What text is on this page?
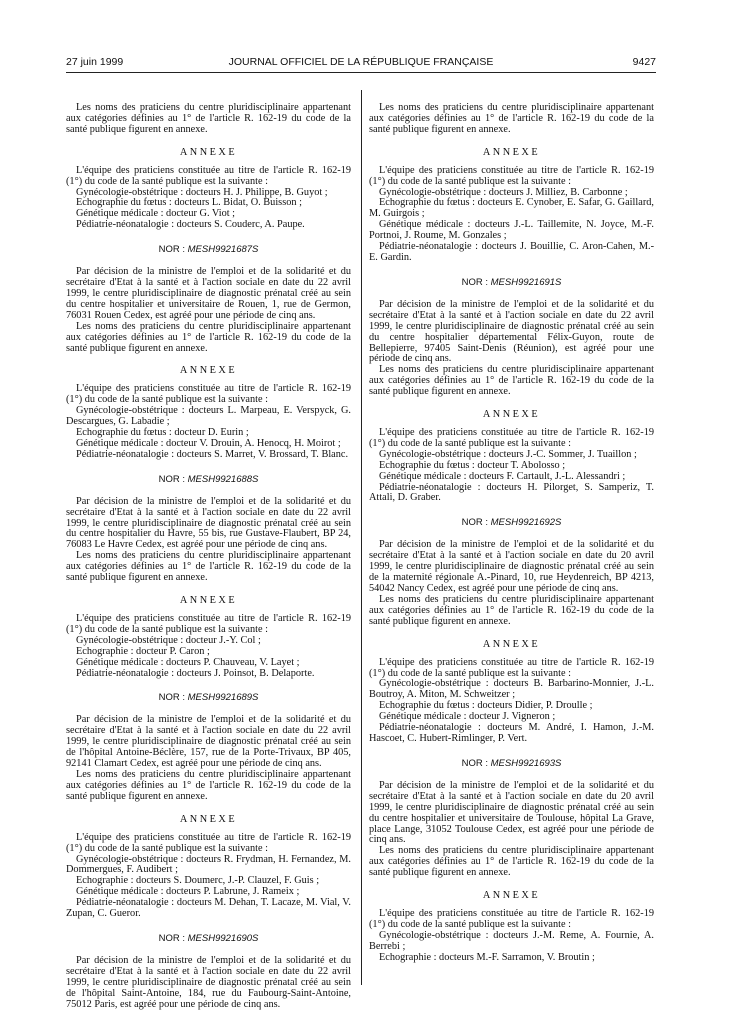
27 juin 1999	JOURNAL OFFICIEL DE LA RÉPUBLIQUE FRANÇAISE	9427

Les noms des praticiens du centre pluridisciplinaire appartenant aux catégories définies au 1° de l'article R. 162-19 du code de la santé publique figurent en annexe.

ANNEXE

L'équipe des praticiens constituée au titre de l'article R. 162-19 (1°) du code de la santé publique est la suivante :

Gynécologie-obstétrique : docteurs H. J. Philippe, B. Guyot ;

Echographie du fœtus : docteurs L. Bidat, O. Buisson ;

Génétique médicale : docteur G. Viot ;

Pédiatrie-néonatalogie : docteurs S. Couderc, A. Paupe.

NOR : MESH9921687S

Par décision de la ministre de l'emploi et de la solidarité et du secrétaire d'Etat à la santé et à l'action sociale en date du 22 avril 1999, le centre pluridisciplinaire de diagnostic prénatal créé au sein du centre hospitalier et universitaire de Rouen, 1, rue de Germon, 76031 Rouen Cedex, est agréé pour une période de cinq ans.

Les noms des praticiens du centre pluridisciplinaire appartenant aux catégories définies au 1° de l'article R. 162-19 du code de la santé publique figurent en annexe.

ANNEXE

L'équipe des praticiens constituée au titre de l'article R. 162-19 (1°) du code de la santé publique est la suivante :

Gynécologie-obstétrique : docteurs L. Marpeau, E. Verspyck, G. Descargues, G. Labadie ;

Echographie du fœtus : docteur D. Eurin ;

Génétique médicale : docteur V. Drouin, A. Henocq, H. Moirot ;

Pédiatrie-néonatalogie : docteurs S. Marret, V. Brossard, T. Blanc.

NOR : MESH9921688S

Par décision de la ministre de l'emploi et de la solidarité et du secrétaire d'Etat à la santé et à l'action sociale en date du 22 avril 1999, le centre pluridisciplinaire de diagnostic prénatal créé au sein du centre hospitalier du Havre, 55 bis, rue Gustave-Flaubert, BP 24, 76083 Le Havre Cedex, est agréé pour une période de cinq ans.

Les noms des praticiens du centre pluridisciplinaire appartenant aux catégories définies au 1° de l'article R. 162-19 du code de la santé publique figurent en annexe.

ANNEXE

L'équipe des praticiens constituée au titre de l'article R. 162-19 (1°) du code de la santé publique est la suivante :

Gynécologie-obstétrique : docteur J.-Y. Col ;

Echographie : docteur P. Caron ;

Génétique médicale : docteurs P. Chauveau, V. Layet ;

Pédiatrie-néonatalogie : docteurs J. Poinsot, B. Delaporte.

NOR : MESH9921689S

Par décision de la ministre de l'emploi et de la solidarité et du secrétaire d'Etat à la santé et à l'action sociale en date du 22 avril 1999, le centre pluridisciplinaire de diagnostic prénatal créé au sein de l'hôpital Antoine-Béclère, 157, rue de la Porte-Trivaux, BP 405, 92141 Clamart Cedex, est agréé pour une période de cinq ans.

Les noms des praticiens du centre pluridisciplinaire appartenant aux catégories définies au 1° de l'article R. 162-19 du code de la santé publique figurent en annexe.

ANNEXE

L'équipe des praticiens constituée au titre de l'article R. 162-19 (1°) du code de la santé publique est la suivante :

Gynécologie-obstétrique : docteurs R. Frydman, H. Fernandez, M. Dommergues, F. Audibert ;

Echographie : docteurs S. Doumerc, J.-P. Clauzel, F. Guis ;

Génétique médicale : docteurs P. Labrune, J. Rameix ;

Pédiatrie-néonatalogie : docteurs M. Dehan, T. Lacaze, M. Vial, V. Zupan, C. Gueror.

NOR : MESH9921690S

Par décision de la ministre de l'emploi et de la solidarité et du secrétaire d'Etat à la santé et à l'action sociale en date du 22 avril 1999, le centre pluridisciplinaire de diagnostic prénatal créé au sein de l'hôpital Saint-Antoine, 184, rue du Faubourg-Saint-Antoine, 75012 Paris, est agréé pour une période de cinq ans.

Les noms des praticiens du centre pluridisciplinaire appartenant aux catégories définies au 1° de l'article R. 162-19 du code de la santé publique figurent en annexe.

ANNEXE

L'équipe des praticiens constituée au titre de l'article R. 162-19 (1°) du code de la santé publique est la suivante :

Gynécologie-obstétrique : docteurs J. Milliez, B. Carbonne ;

Echographie du fœtus : docteurs E. Cynober, E. Safar, G. Gaillard, M. Guirgois ;

Génétique médicale : docteurs J.-L. Taillemite, N. Joyce, M.-F. Portnoi, J. Roume, M. Gonzales ;

Pédiatrie-néonatalogie : docteurs J. Bouillie, C. Aron-Cahen, M.-E. Gardin.

NOR : MESH9921691S

Par décision de la ministre de l'emploi et de la solidarité et du secrétaire d'Etat à la santé et à l'action sociale en date du 22 avril 1999, le centre pluridisciplinaire de diagnostic prénatal créé au sein du centre hospitalier départemental Félix-Guyon, route de Bellepierre, 97405 Saint-Denis (Réunion), est agréé pour une période de cinq ans.

Les noms des praticiens du centre pluridisciplinaire appartenant aux catégories définies au 1° de l'article R. 162-19 du code de la santé publique figurent en annexe.

ANNEXE

L'équipe des praticiens constituée au titre de l'article R. 162-19 (1°) du code de la santé publique est la suivante :

Gynécologie-obstétrique : docteurs J.-C. Sommer, J. Tuaillon ;

Echographie du fœtus : docteur T. Abolosso ;

Génétique médicale : docteurs F. Cartault, J.-L. Alessandri ;

Pédiatrie-néonatalogie : docteurs H. Pilorget, S. Samperiz, T. Attali, D. Graber.

NOR : MESH9921692S

Par décision de la ministre de l'emploi et de la solidarité et du secrétaire d'Etat à la santé et à l'action sociale en date du 20 avril 1999, le centre pluridisciplinaire de diagnostic prénatal créé au sein de la maternité régionale A.-Pinard, 10, rue Heydenreich, BP 4213, 54042 Nancy Cedex, est agréé pour une période de cinq ans.

Les noms des praticiens du centre pluridisciplinaire appartenant aux catégories définies au 1° de l'article R. 162-19 du code de la santé publique figurent en annexe.

ANNEXE

L'équipe des praticiens constituée au titre de l'article R. 162-19 (1°) du code de la santé publique est la suivante :

Gynécologie-obstétrique : docteurs B. Barbarino-Monnier, J.-L. Boutroy, A. Miton, M. Schweitzer ;

Echographie du fœtus : docteurs Didier, P. Droulle ;

Génétique médicale : docteur J. Vigneron ;

Pédiatrie-néonatalogie : docteurs M. André, I. Hamon, J.-M. Hascoet, C. Hubert-Rimlinger, P. Vert.

NOR : MESH9921693S

Par décision de la ministre de l'emploi et de la solidarité et du secrétaire d'Etat à la santé et à l'action sociale en date du 20 avril 1999, le centre pluridisciplinaire de diagnostic prénatal créé au sein du centre hospitalier et universitaire de Toulouse, hôpital La Grave, place Lange, 31052 Toulouse Cedex, est agréé pour une période de cinq ans.

Les noms des praticiens du centre pluridisciplinaire appartenant aux catégories définies au 1° de l'article R. 162-19 du code de la santé publique figurent en annexe.

ANNEXE

L'équipe des praticiens constituée au titre de l'article R. 162-19 (1°) du code de la santé publique est la suivante :

Gynécologie-obstétrique : docteurs J.-M. Reme, A. Fournie, A. Berrebi ;

Echographie : docteurs M.-F. Sarramon, V. Broutin ;
